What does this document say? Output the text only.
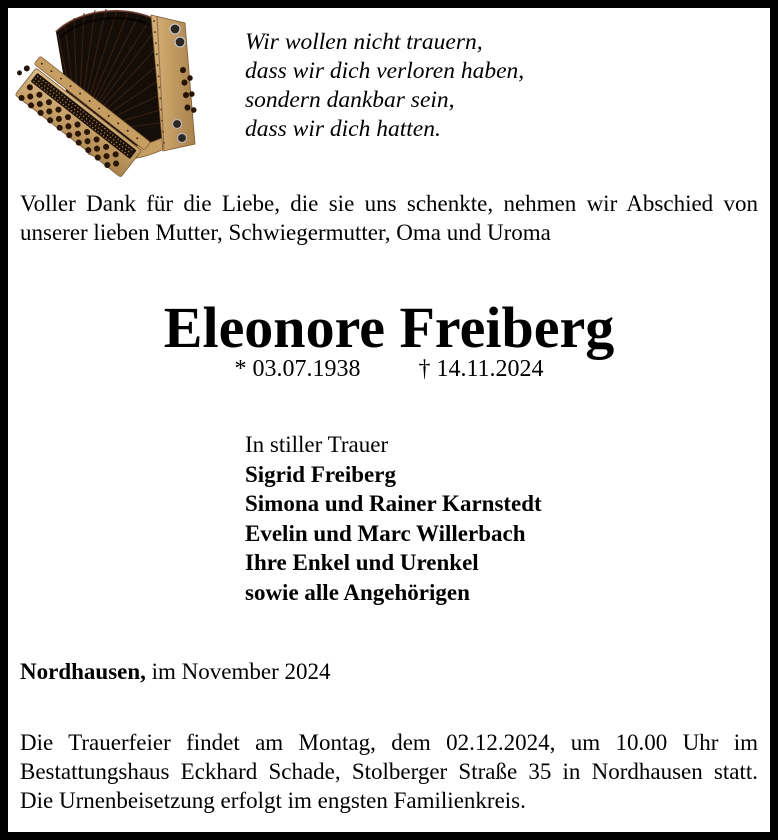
Wir wollen nicht trauern,
dass wir dich verloren haben,
sondern dankbar sein,
dass wir dich hatten.
Voller Dank für die Liebe, die sie uns schenkte, nehmen wir Abschied von
unserer lieben Mutter, Schwiegermutter, Oma und Uroma
Eleonore Freiberg
* 03.07.1938 † 14.11.2024
In stiller Trauer
Sigrid Freiberg
Simona und Rainer Karnstedt
Evelin und Marc Willerbach
Ihre Enkel und Urenkel
sowie alle Angehörigen
Nordhausen, im November 2024
Die Trauerfeier findet am Montag, dem 02.12.2024, um 10.00 Uhr im
Bestattungshaus Eckhard Schade, Stolberger Straße 35 in Nordhausen statt.
Die Urnenbeisetzung erfolgt im engsten Familienkreis.
